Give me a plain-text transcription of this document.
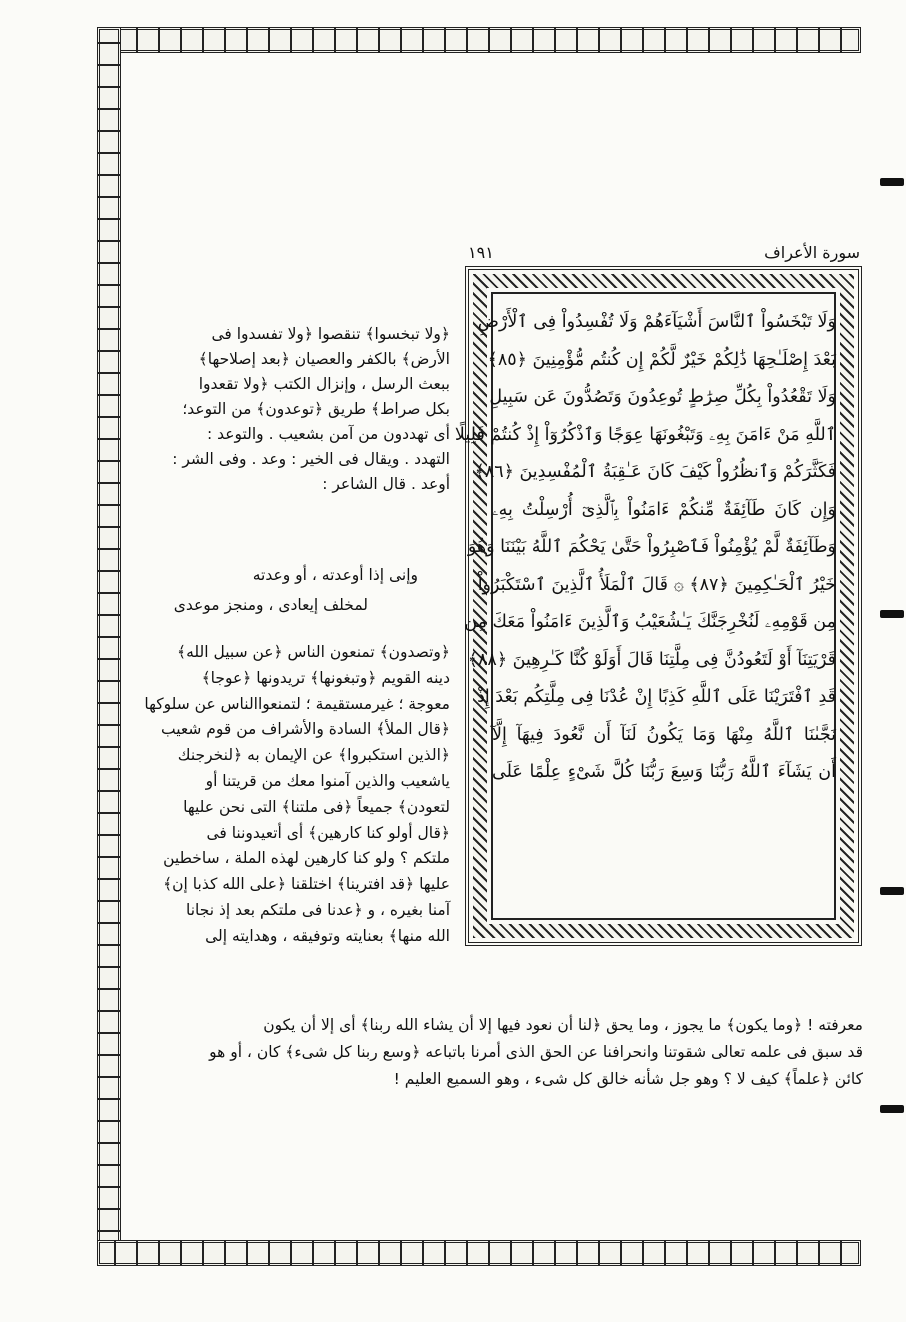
سورة الأعراف
١٩١
وَلَا تَبْخَسُواْ ٱلنَّاسَ أَشْيَآءَهُمْ وَلَا تُفْسِدُواْ فِى ٱلْأَرْضِ
بَعْدَ إِصْلَـٰحِهَا ذَٰلِكُمْ خَيْرٌ لَّكُمْ إِن كُنتُم مُّؤْمِنِينَ ﴿٨٥﴾
وَلَا تَقْعُدُواْ بِكُلِّ صِرَٰطٍ تُوعِدُونَ وَتَصُدُّونَ عَن سَبِيلِ
ٱللَّهِ مَنْ ءَامَنَ بِهِۦ وَتَبْغُونَهَا عِوَجًا وَٱذْكُرُوٓاْ إِذْ كُنتُمْ قَلِيلًا
فَكَثَّرَكُمْ وَٱنظُرُواْ كَيْفَ كَانَ عَـٰقِبَةُ ٱلْمُفْسِدِينَ ﴿٨٦﴾
وَإِن كَانَ طَآئِفَةٌ مِّنكُمْ ءَامَنُواْ بِٱلَّذِىٓ أُرْسِلْتُ بِهِۦ
وَطَآئِفَةٌ لَّمْ يُؤْمِنُواْ فَٱصْبِرُواْ حَتَّىٰ يَحْكُمَ ٱللَّهُ بَيْنَنَا وَهُوَ
خَيْرُ ٱلْحَـٰكِمِينَ ﴿٨٧﴾ ۞ قَالَ ٱلْمَلَأُ ٱلَّذِينَ ٱسْتَكْبَرُواْ
مِن قَوْمِهِۦ لَنُخْرِجَنَّكَ يَـٰشُعَيْبُ وَٱلَّذِينَ ءَامَنُواْ مَعَكَ مِن
قَرْيَتِنَآ أَوْ لَتَعُودُنَّ فِى مِلَّتِنَا قَالَ أَوَلَوْ كُنَّا كَـٰرِهِينَ ﴿٨٨﴾
قَدِ ٱفْتَرَيْنَا عَلَى ٱللَّهِ كَذِبًا إِنْ عُدْنَا فِى مِلَّتِكُم بَعْدَ إِذْ
نَجَّىٰنَا ٱللَّهُ مِنْهَا وَمَا يَكُونُ لَنَآ أَن نَّعُودَ فِيهَآ إِلَّآ
أَن يَشَآءَ ٱللَّهُ رَبُّنَا وَسِعَ رَبُّنَا كُلَّ شَىْءٍ عِلْمًا عَلَى
﴿ولا تبخسوا﴾ تنقصوا ﴿ولا تفسدوا فى
الأرض﴾ بالكفر والعصيان ﴿بعد إصلاحها﴾
ببعث الرسل ، وإنزال الكتب ﴿ولا تقعدوا
بكل صراط﴾ طريق ﴿توعدون﴾ من التوعد؛
أى تهددون من آمن بشعيب . والتوعد :
التهدد . ويقال فى الخير : وعد . وفى الشر :
أوعد . قال الشاعر :
وإنى إذا أوعدته ، أو وعدته
لمخلف إيعادى ، ومنجز موعدى
﴿وتصدون﴾ تمنعون الناس ﴿عن سبيل الله﴾
دينه القويم ﴿وتبغونها﴾ تريدونها ﴿عوجا﴾
معوجة ؛ غيرمستقيمة ؛ لتمنعواالناس عن سلوكها
﴿قال الملأ﴾ السادة والأشراف من قوم شعيب
﴿الذين استكبروا﴾ عن الإيمان به ﴿لنخرجنك
ياشعيب والذين آمنوا معك من قريتنا أو
لتعودن﴾ جميعاً ﴿فى ملتنا﴾ التى نحن عليها
﴿قال أولو كنا كارهين﴾ أى أتعيدوننا فى
ملتكم ؟ ولو كنا كارهين لهذه الملة ، ساخطين
عليها ﴿قد افترينا﴾ اختلقنا ﴿على الله كذبا إن﴾
آمنا بغيره ، و ﴿عدنا فى ملتكم بعد إذ نجانا
الله منها﴾ بعنايته وتوفيقه ، وهدايته إلى
معرفته ! ﴿وما يكون﴾ ما يجوز ، وما يحق ﴿لنا أن نعود فيها إلا أن يشاء الله ربنا﴾ أى إلا أن يكون
قد سبق فى علمه تعالى شقوتنا وانحرافنا عن الحق الذى أمرنا باتباعه ﴿وسع ربنا كل شىء﴾ كان ، أو هو
كائن ﴿علماً﴾ كيف لا ؟ وهو جل شأنه خالق كل شىء ، وهو السميع العليم !
